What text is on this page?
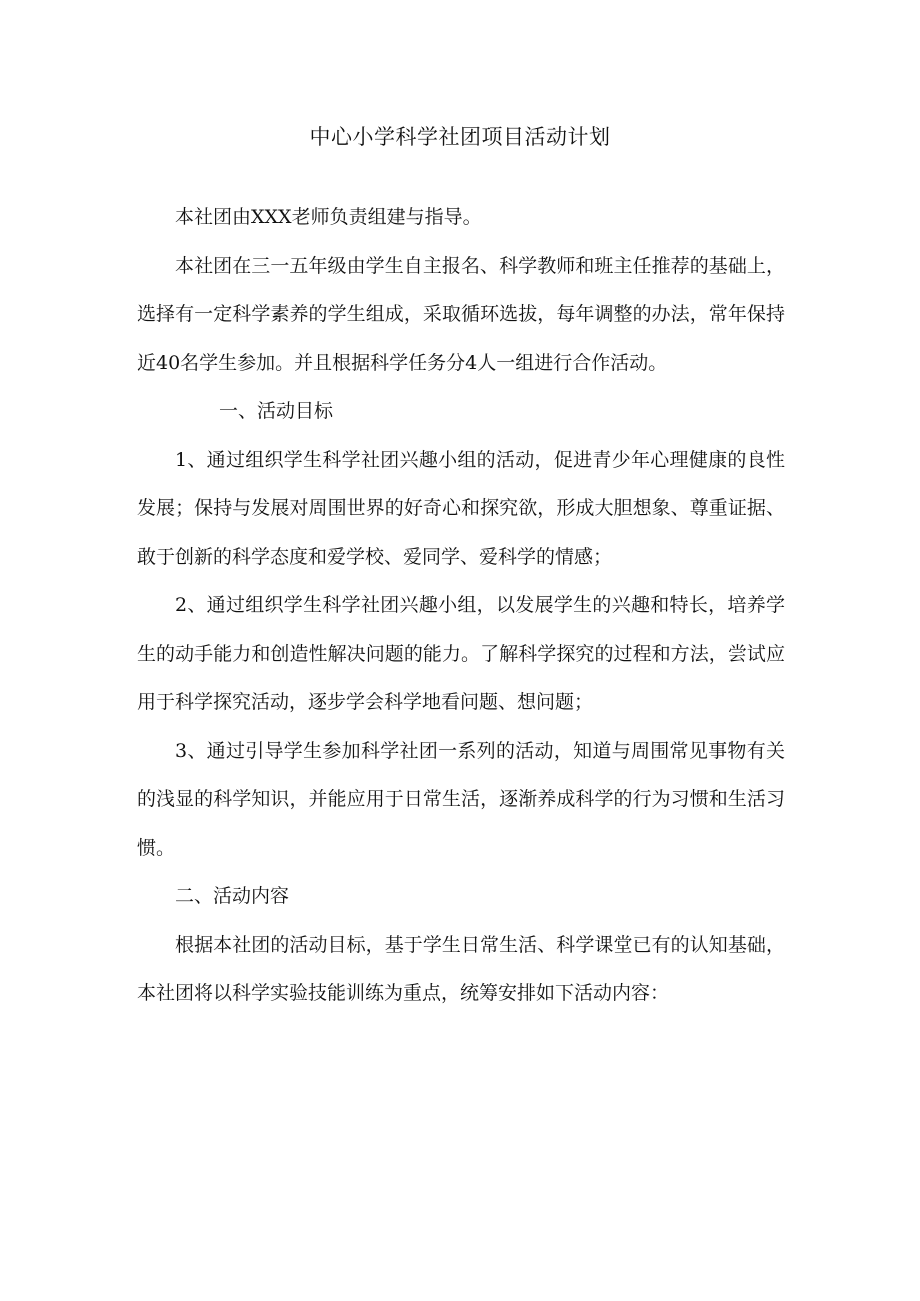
中心小学科学社团项目活动计划

本社团由XXX老师负责组建与指导。

本社团在三一五年级由学生自主报名、科学教师和班主任推荐的基础上，选择有一定科学素养的学生组成，采取循环选拔，每年调整的办法，常年保持近40名学生参加。并且根据科学任务分4人一组进行合作活动。

一、活动目标

1、通过组织学生科学社团兴趣小组的活动，促进青少年心理健康的良性发展；保持与发展对周围世界的好奇心和探究欲，形成大胆想象、尊重证据、敢于创新的科学态度和爱学校、爱同学、爱科学的情感；

2、通过组织学生科学社团兴趣小组，以发展学生的兴趣和特长，培养学生的动手能力和创造性解决问题的能力。了解科学探究的过程和方法，尝试应用于科学探究活动，逐步学会科学地看问题、想问题；

3、通过引导学生参加科学社团一系列的活动，知道与周围常见事物有关的浅显的科学知识，并能应用于日常生活，逐渐养成科学的行为习惯和生活习惯。

二、活动内容

根据本社团的活动目标，基于学生日常生活、科学课堂已有的认知基础，本社团将以科学实验技能训练为重点，统筹安排如下活动内容：
